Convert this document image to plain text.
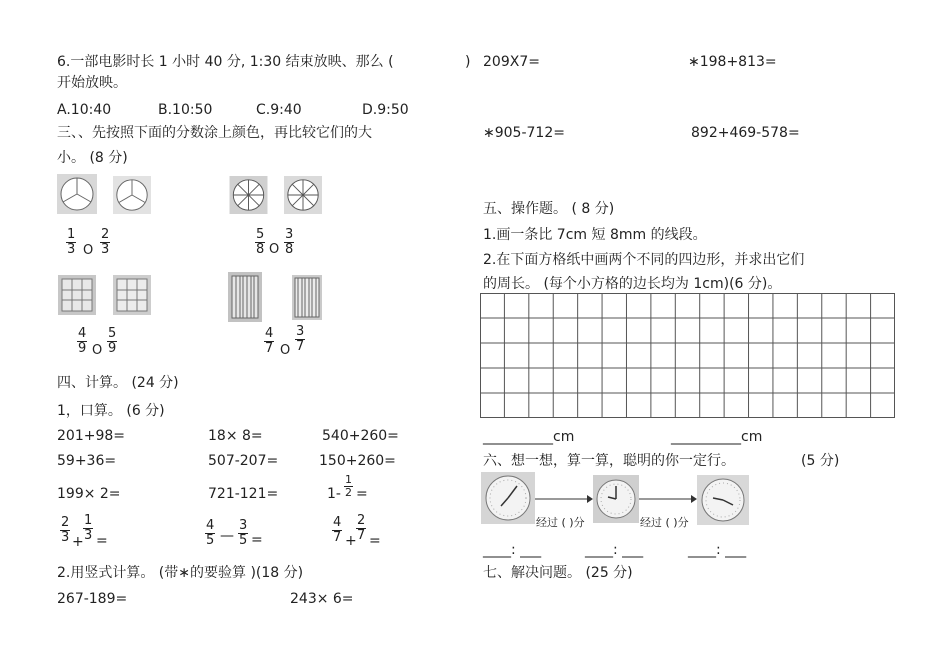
6.一部电影时长 1 小时 40 分, 1:30 结束放映、那么 (	)
开始放映。
A.10:40	B.10:50	C.9:40	D.9:50
三、、先按照下面的分数涂上颜色，再比较它们的大
小。 (8 分)
$\frac{1}{3}$ O $\frac{2}{3}$	$\frac{5}{8}$ O $\frac{3}{8}$
$\frac{4}{9}$ O $\frac{5}{9}$	$\frac{4}{7}$ O $\frac{3}{7}$
四、计算。 (24 分)
1，口算。 (6 分)
201+98=	18× 8=	540+260=
59+36=	507-207=	150+260=
199× 2=	721-121=	$1- \frac{1}{2}$ =
$\frac{2}{3} + \frac{1}{3}$ =	$\frac{4}{5}$ — $\frac{3}{5}$ =	$\frac{4}{7} + \frac{2}{7}$ =
2.用竖式计算。 (带∗的要验算 )(18 分)
267-189=	243× 6=
209X7=	∗198+813=
∗905-712=	892+469-578=
五、操作题。 ( 8 分)
1.画一条比 7cm 短 8mm 的线段。
2.在下面方格纸中画两个不同的四边形，并求出它们
的周长。 (每个小方格的边长均为 1cm)(6 分)。
__________cm	__________cm
六、想一想，算一算，聪明的你一定行。	(5 分)
经过 ( )分	经过 ( )分
____: ___	____: ___	____: ___
七、解决问题。 (25 分)
